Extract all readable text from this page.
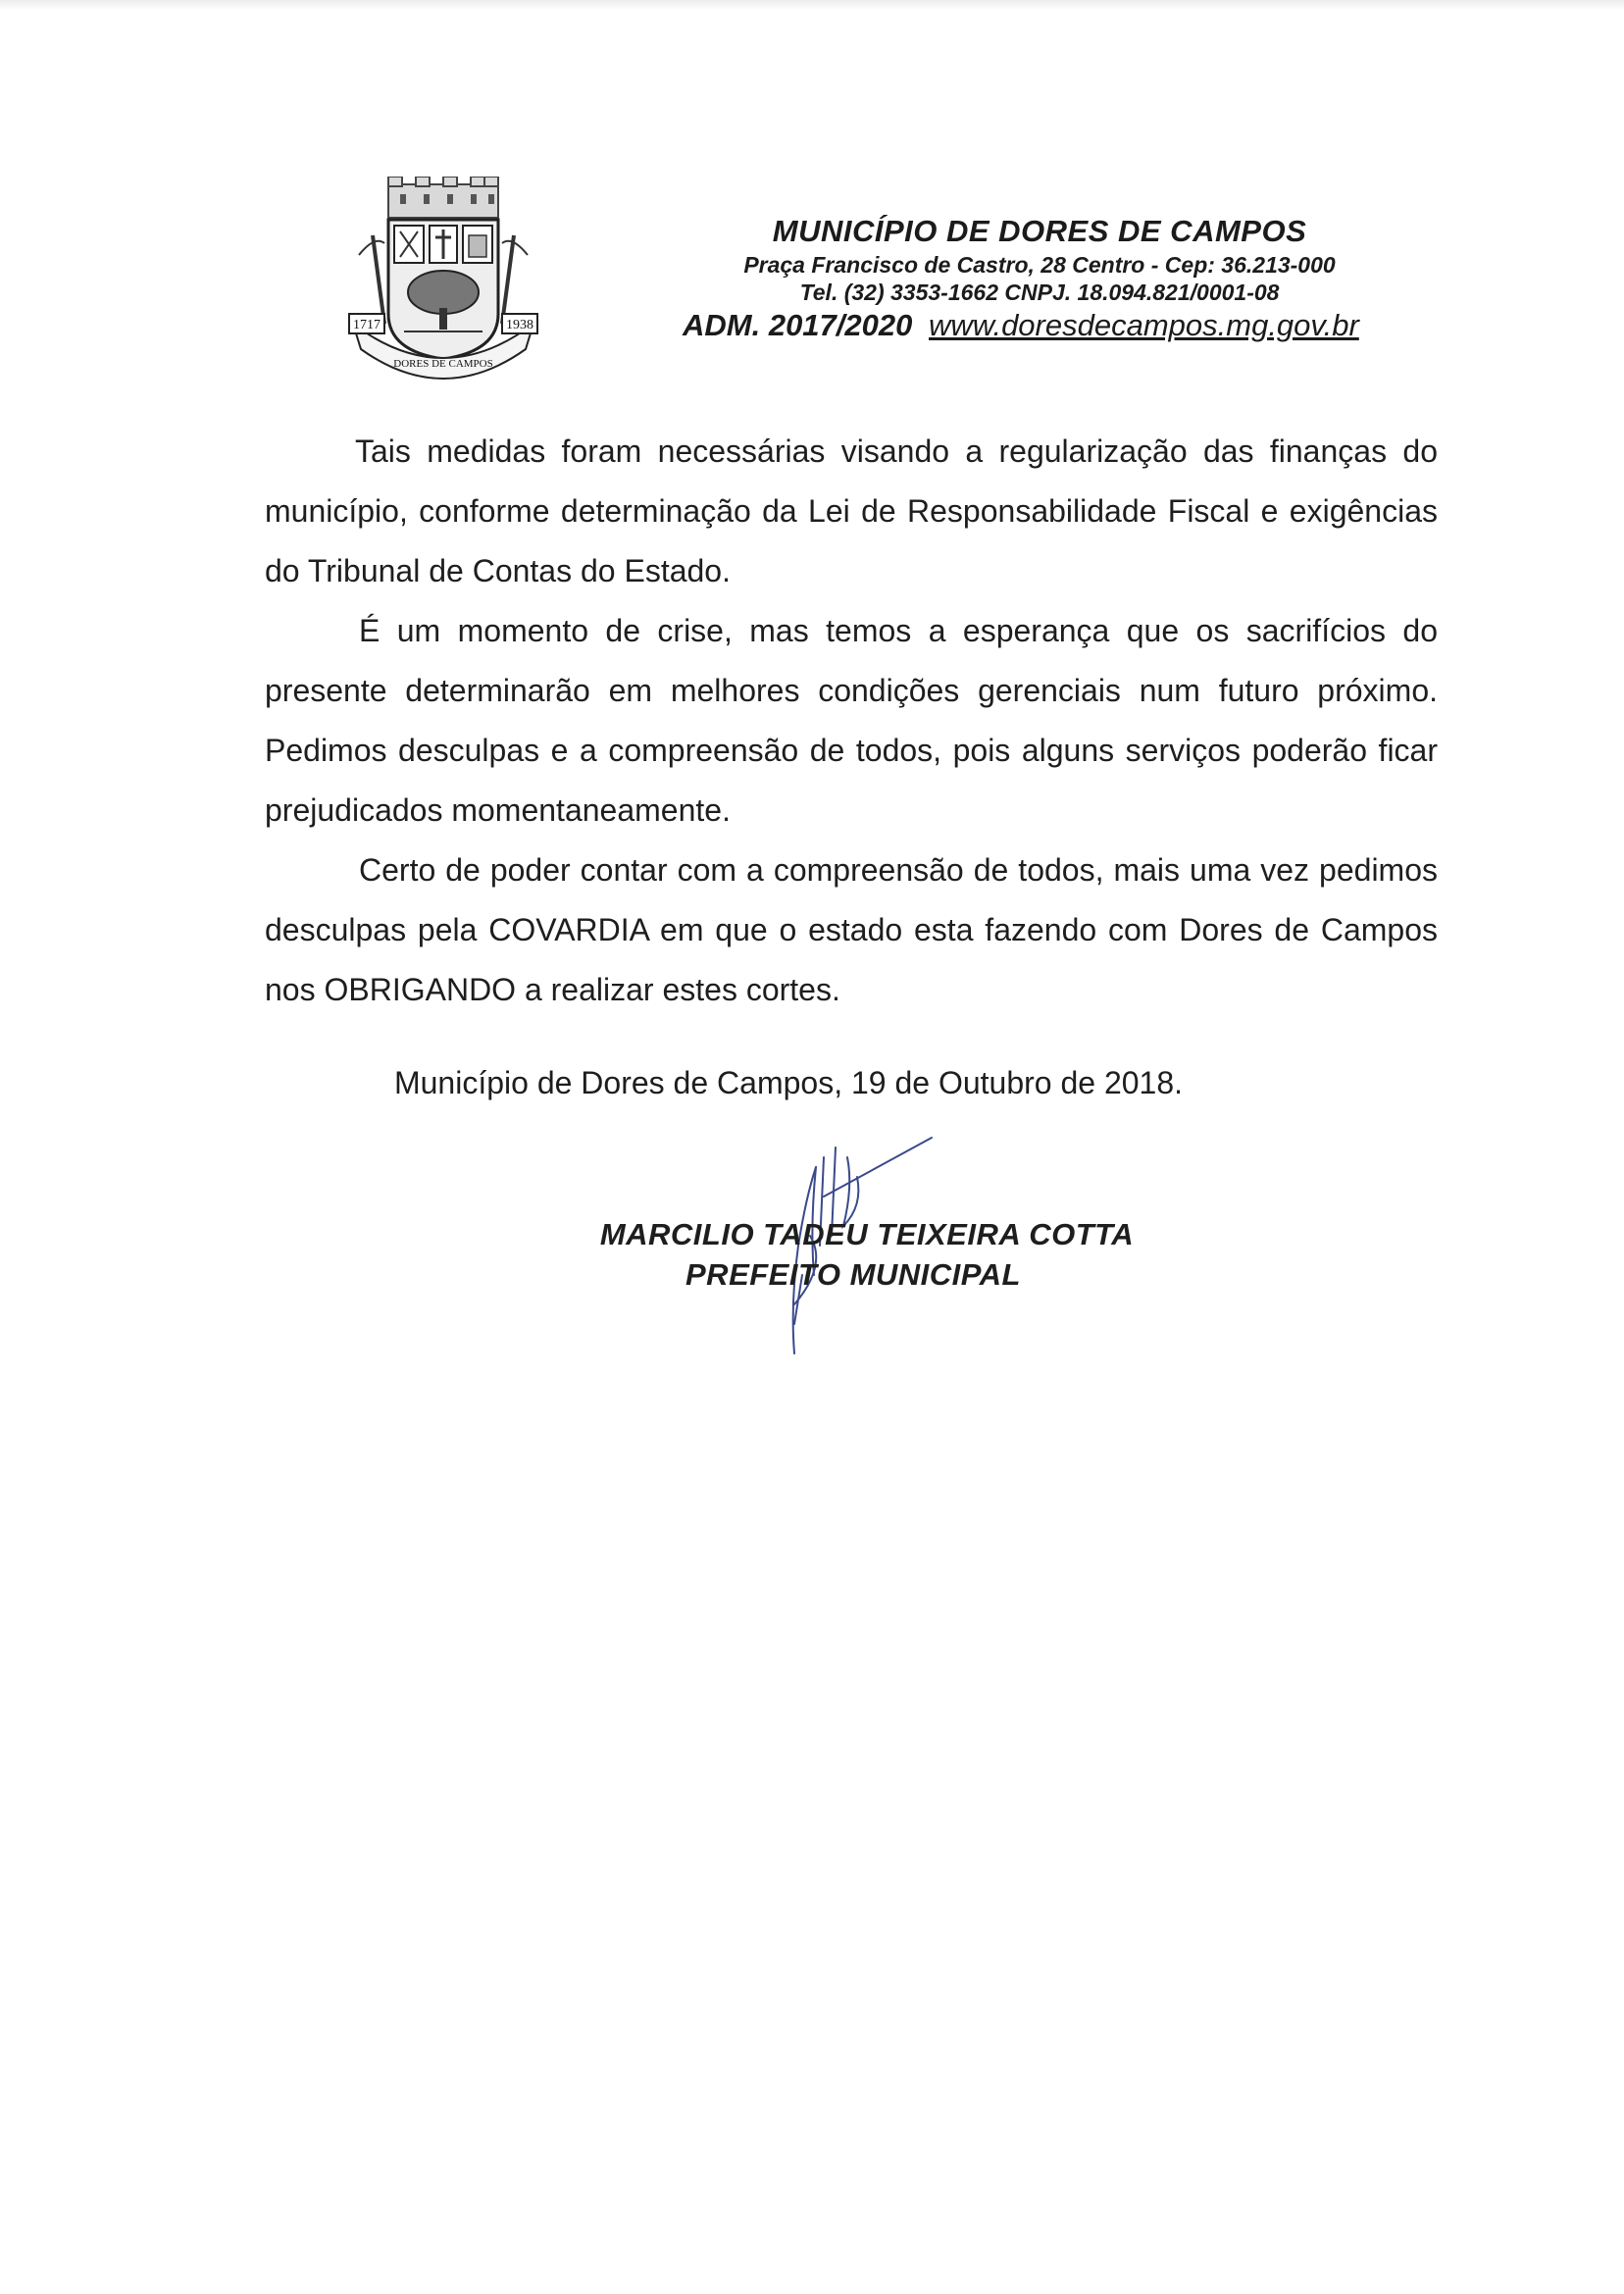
1717	1938
DORES DE CAMPOS
MUNICÍPIO DE DORES DE CAMPOS
Praça Francisco de Castro, 28 Centro - Cep: 36.213-000
Tel. (32) 3353-1662 CNPJ. 18.094.821/0001-08
ADM. 2017/2020 www.doresdecampos.mg.gov.br

Tais medidas foram necessárias visando a regularização das finanças do município, conforme determinação da Lei de Responsabilidade Fiscal e exigências do Tribunal de Contas do Estado.

É um momento de crise, mas temos a esperança que os sacrifícios do presente determinarão em melhores condições gerenciais num futuro próximo. Pedimos desculpas e a compreensão de todos, pois alguns serviços poderão ficar prejudicados momentaneamente.

Certo de poder contar com a compreensão de todos, mais uma vez pedimos desculpas pela COVARDIA em que o estado esta fazendo com Dores de Campos nos OBRIGANDO a realizar estes cortes.

Município de Dores de Campos, 19 de Outubro de 2018.
MARCILIO TADEU TEIXEIRA COTTA
PREFEITO MUNICIPAL
